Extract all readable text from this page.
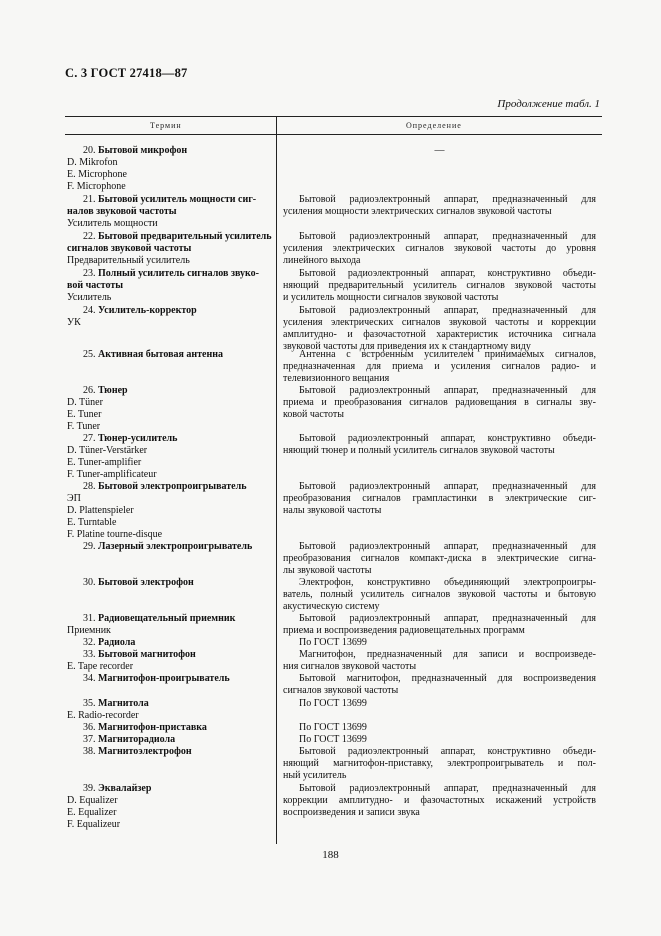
С. 3 ГОСТ 27418—87
Продолжение табл. 1
Термин	Определение
20. Бытовой микрофон
D. Mikrofon
E. Microphone
F. Microphone
21. Бытовой усилитель мощности сиг-
налов звуковой частоты
Усилитель мощности
22. Бытовой предварительный усилитель
сигналов звуковой частоты
Предварительный усилитель
23. Полный усилитель сигналов звуко-
вой частоты
Усилитель
24. Усилитель-корректор
УК
25. Активная бытовая антенна
26. Тюнер
D. Tüner
E. Tuner
F. Tuner
27. Тюнер-усилитель
D. Tüner-Verstärker
E. Tuner-amplifier
F. Tuner-amplificateur
28. Бытовой электропроигрыватель
ЭП
D. Plattenspieler
E. Turntable
F. Platine tourne-disque
29. Лазерный электропроигрыватель
30. Бытовой электрофон
31. Радиовещательный приемник
Приемник
32. Радиола
33. Бытовой магнитофон
E. Tape recorder
34. Магнитофон-проигрыватель
35. Магнитола
E. Radio-recorder
36. Магнитофон-приставка
37. Магниторадиола
38. Магнитоэлектрофон
39. Эквалайзер
D. Equalizer
E. Equalizer
F. Equalizeur
—
Бытовой радиоэлектронный аппарат, предназначенный для
усиления мощности электрических сигналов звуковой частоты
Бытовой радиоэлектронный аппарат, предназначенный для
усиления электрических сигналов звуковой частоты до уровня
линейного выхода
Бытовой радиоэлектронный аппарат, конструктивно объеди-
няющий предварительный усилитель сигналов звуковой частоты
и усилитель мощности сигналов звуковой частоты
Бытовой радиоэлектронный аппарат, предназначенный для
усиления электрических сигналов звуковой частоты и коррекции
амплитудно- и фазочастотной характеристик источника сигнала
звуковой частоты для приведения их к стандартному виду
Антенна с встроенным усилителем принимаемых сигналов,
предназначенная для приема и усиления сигналов радио- и
телевизионного вещания
Бытовой радиоэлектронный аппарат, предназначенный для
приема и преобразования сигналов радиовещания в сигналы зву-
ковой частоты
Бытовой радиоэлектронный аппарат, конструктивно объеди-
няющий тюнер и полный усилитель сигналов звуковой частоты
Бытовой радиоэлектронный аппарат, предназначенный для
преобразования сигналов грампластинки в электрические сиг-
налы звуковой частоты
Бытовой радиоэлектронный аппарат, предназначенный для
преобразования сигналов компакт-диска в электрические сигна-
лы звуковой частоты
Электрофон, конструктивно объединяющий электропроигры-
ватель, полный усилитель сигналов звуковой частоты и бытовую
акустическую систему
Бытовой радиоэлектронный аппарат, предназначенный для
приема и воспроизведения радиовещательных программ
По ГОСТ 13699
Магнитофон, предназначенный для записи и воспроизведе-
ния сигналов звуковой частоты
Бытовой магнитофон, предназначенный для воспроизведения
сигналов звуковой частоты
По ГОСТ 13699
По ГОСТ 13699
По ГОСТ 13699
Бытовой радиоэлектронный аппарат, конструктивно объеди-
няющий магнитофон-приставку, электропроигрыватель и пол-
ный усилитель
Бытовой радиоэлектронный аппарат, предназначенный для
коррекции амплитудно- и фазочастотных искажений устройств
воспроизведения и записи звука
188
